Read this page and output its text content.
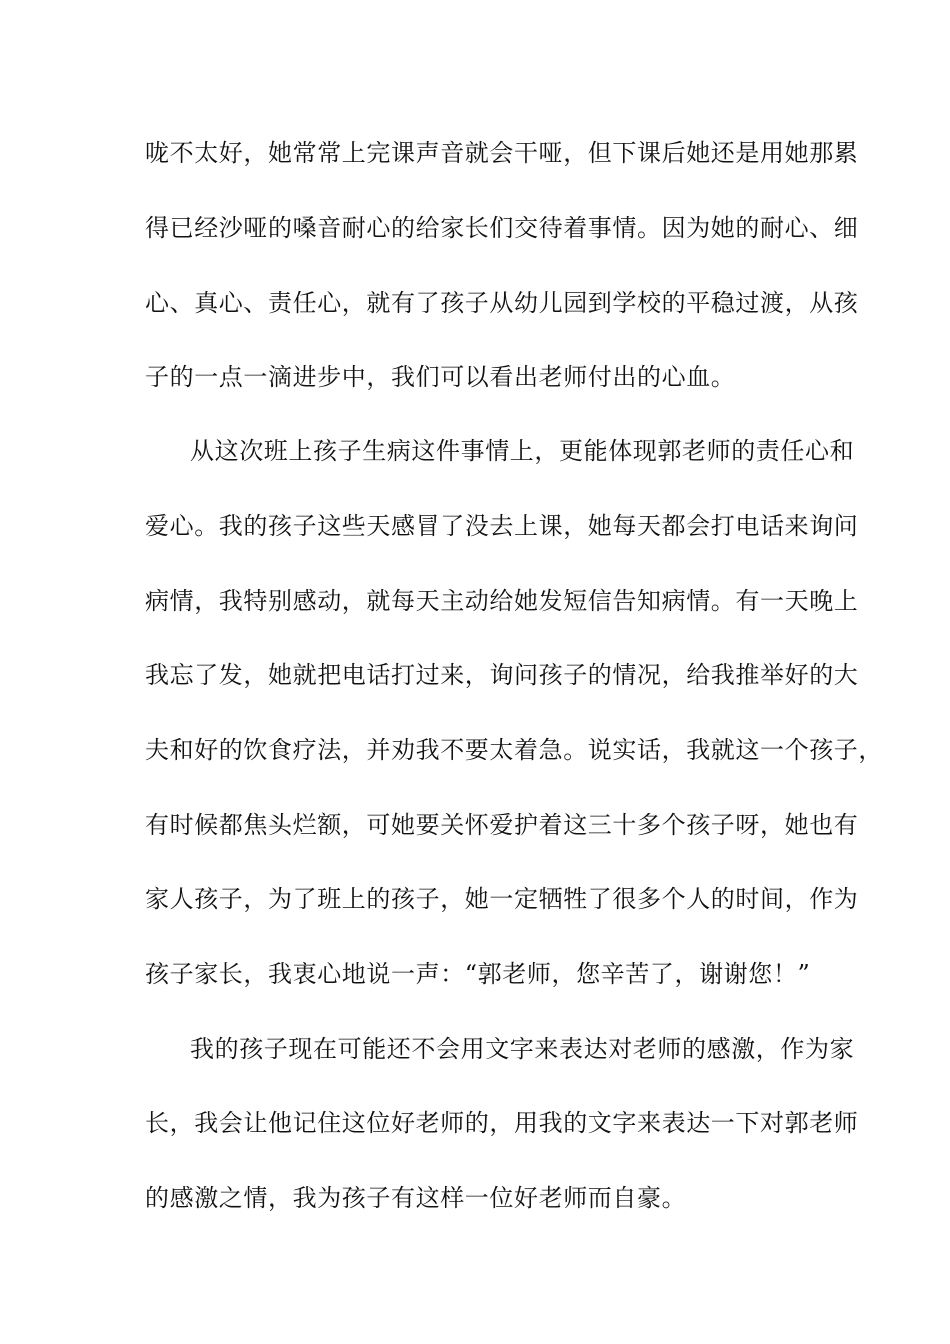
咙不太好，她常常上完课声音就会干哑，但下课后她还是用她那累
得已经沙哑的嗓音耐心的给家长们交待着事情。因为她的耐心、细
心、真心、责任心，就有了孩子从幼儿园到学校的平稳过渡，从孩
子的一点一滴进步中，我们可以看出老师付出的心血。
从这次班上孩子生病这件事情上，更能体现郭老师的责任心和
爱心。我的孩子这些天感冒了没去上课，她每天都会打电话来询问
病情，我特别感动，就每天主动给她发短信告知病情。有一天晚上
我忘了发，她就把电话打过来，询问孩子的情况，给我推举好的大
夫和好的饮食疗法，并劝我不要太着急。说实话，我就这一个孩子，
有时候都焦头烂额，可她要关怀爱护着这三十多个孩子呀，她也有
家人孩子，为了班上的孩子，她一定牺牲了很多个人的时间，作为
孩子家长，我衷心地说一声：“郭老师，您辛苦了，谢谢您！”
我的孩子现在可能还不会用文字来表达对老师的感激，作为家
长，我会让他记住这位好老师的，用我的文字来表达一下对郭老师
的感激之情，我为孩子有这样一位好老师而自豪。
